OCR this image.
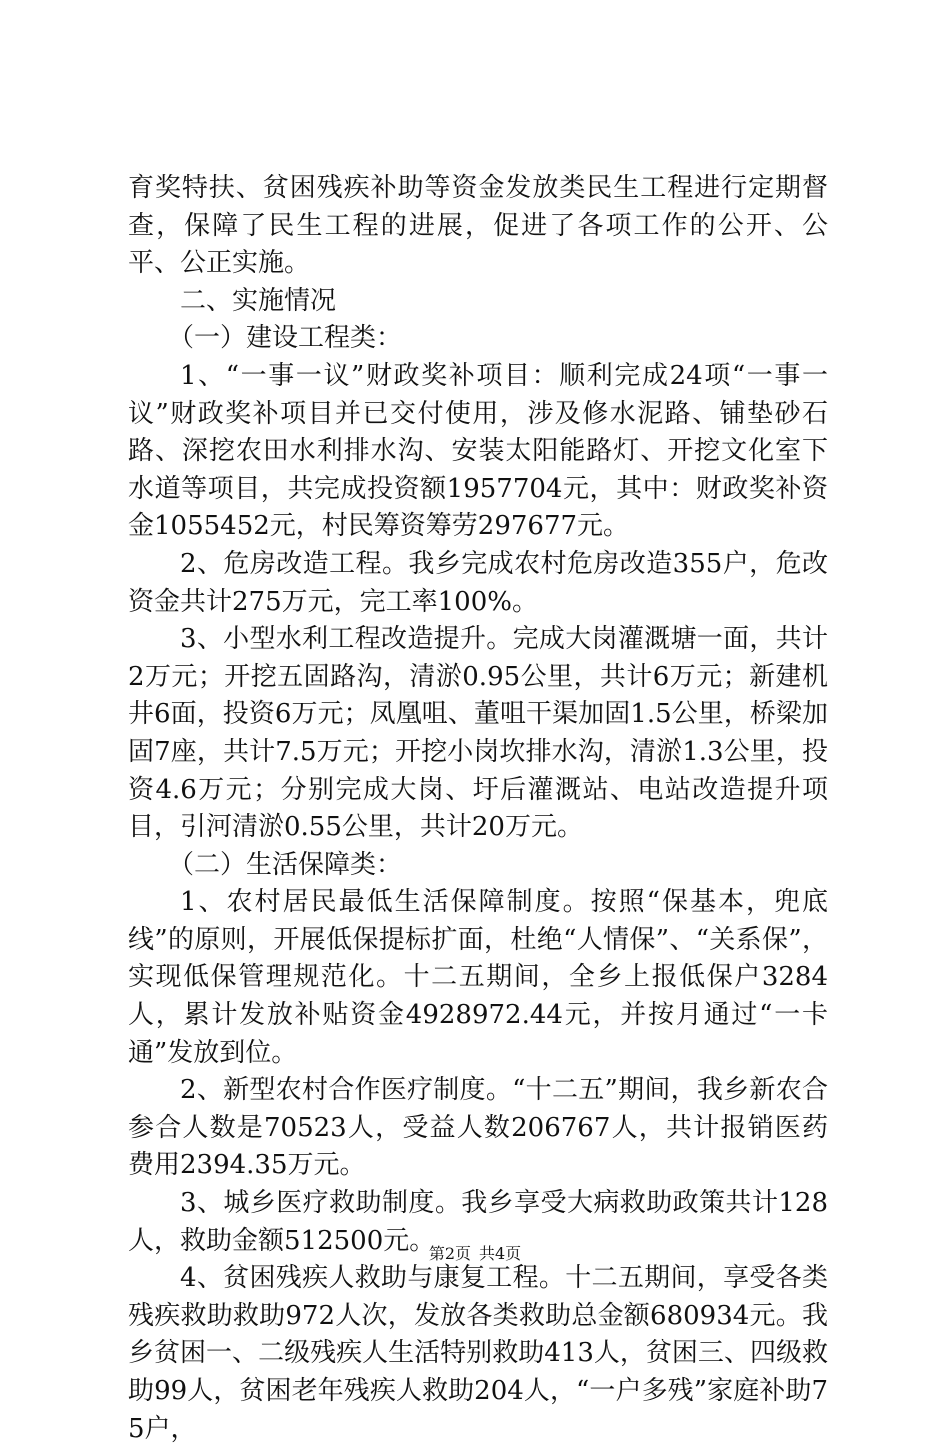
育奖特扶、贫困残疾补助等资金发放类民生工程进行定期督查，保障了民生工程的进展，促进了各项工作的公开、公平、公正实施。

二、实施情况

（一）建设工程类：

1、“一事一议”财政奖补项目：顺利完成24项“一事一议”财政奖补项目并已交付使用，涉及修水泥路、铺垫砂石路、深挖农田水利排水沟、安装太阳能路灯、开挖文化室下水道等项目，共完成投资额1957704元，其中：财政奖补资金1055452元，村民筹资筹劳297677元。

2、危房改造工程。我乡完成农村危房改造355户，危改资金共计275万元，完工率100%。

3、小型水利工程改造提升。完成大岗灌溉塘一面，共计2万元；开挖五固路沟，清淤0.95公里，共计6万元；新建机井6面，投资6万元；凤凰咀、董咀干渠加固1.5公里，桥梁加固7座，共计7.5万元；开挖小岗坎排水沟，清淤1.3公里，投资4.6万元；分别完成大岗、圩后灌溉站、电站改造提升项目，引河清淤0.55公里，共计20万元。

（二）生活保障类：

1、农村居民最低生活保障制度。按照“保基本，兜底线”的原则，开展低保提标扩面，杜绝“人情保”、“关系保”，实现低保管理规范化。十二五期间，全乡上报低保户3284人，累计发放补贴资金4928972.44元，并按月通过“一卡通”发放到位。

2、新型农村合作医疗制度。“十二五”期间，我乡新农合参合人数是70523人，受益人数206767人，共计报销医药费用2394.35万元。

3、城乡医疗救助制度。我乡享受大病救助政策共计128人，救助金额512500元。

4、贫困残疾人救助与康复工程。十二五期间，享受各类残疾救助救助972人次，发放各类救助总金额680934元。我乡贫困一、二级残疾人生活特别救助413人，贫困三、四级救助99人，贫困老年残疾人救助204人，“一户多残”家庭补助75户，

第2页 共4页
